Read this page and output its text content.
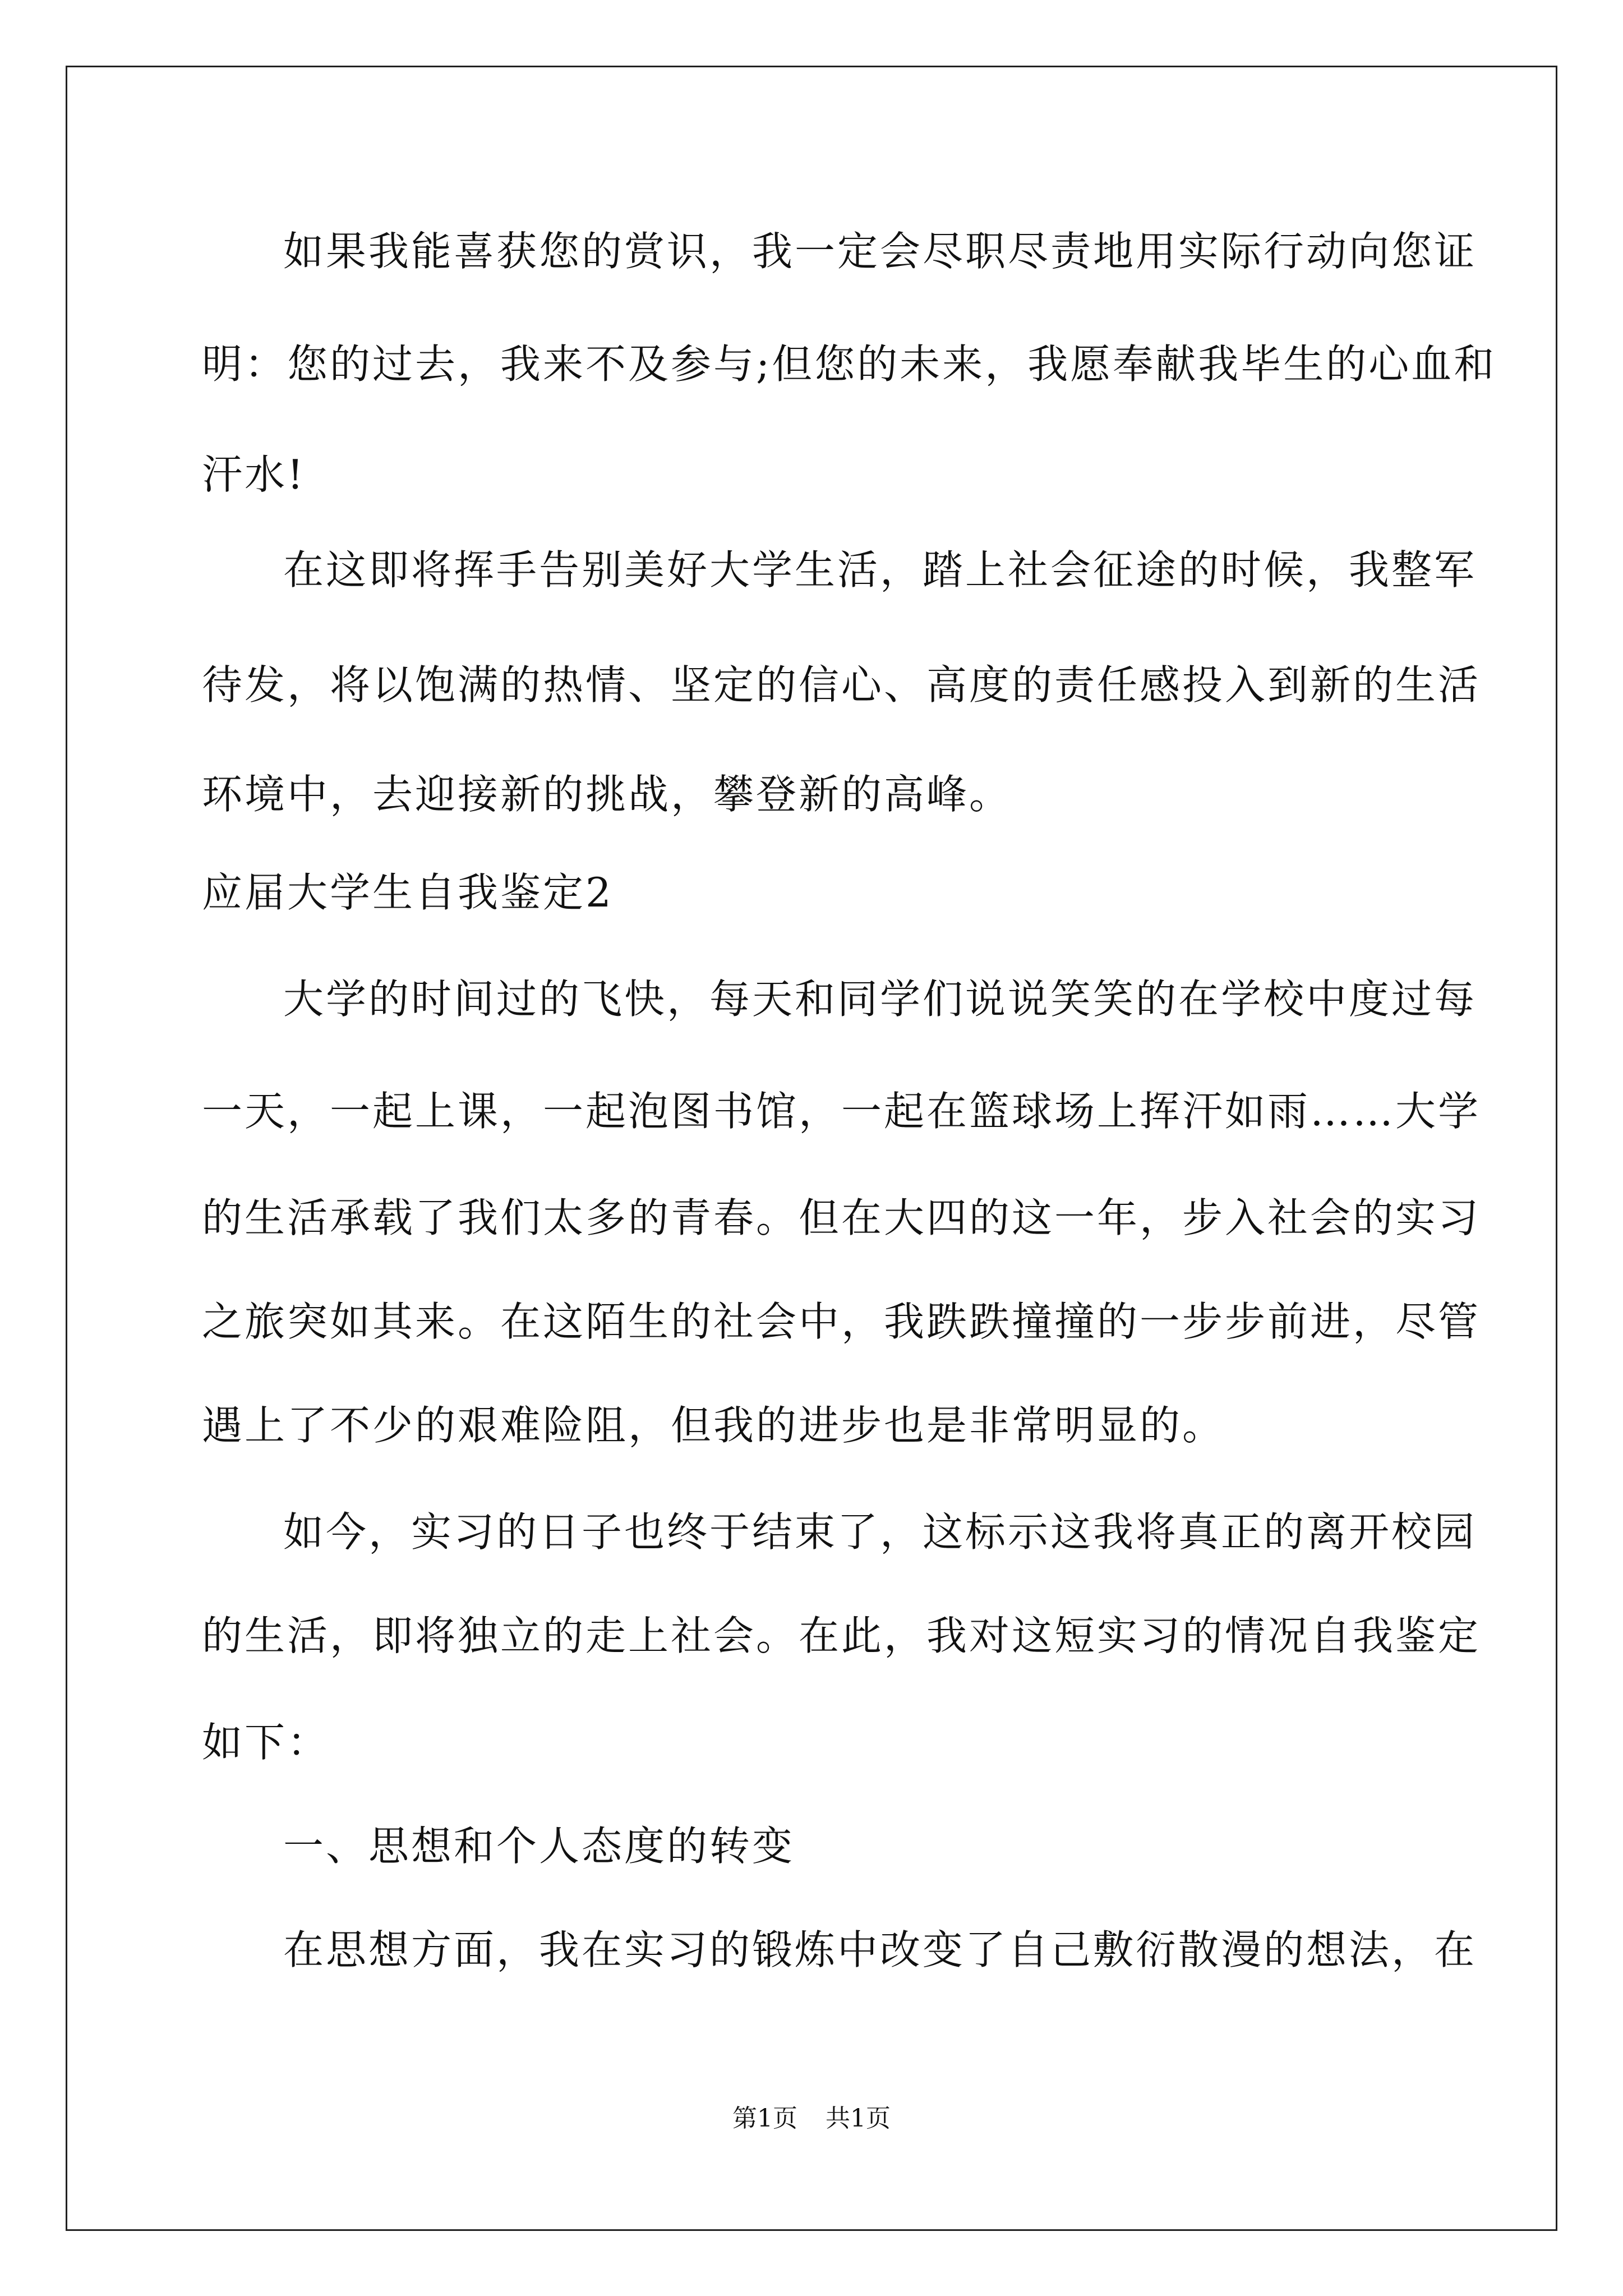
如果我能喜获您的赏识，我一定会尽职尽责地用实际行动向您证
明：您的过去，我来不及参与;但您的未来，我愿奉献我毕生的心血和
汗水!
在这即将挥手告别美好大学生活，踏上社会征途的时候，我整军
待发，将以饱满的热情、坚定的信心、高度的责任感投入到新的生活
环境中，去迎接新的挑战，攀登新的高峰。
应届大学生自我鉴定2
大学的时间过的飞快，每天和同学们说说笑笑的在学校中度过每
一天，一起上课，一起泡图书馆，一起在篮球场上挥汗如雨……大学
的生活承载了我们太多的青春。但在大四的这一年，步入社会的实习
之旅突如其来。在这陌生的社会中，我跌跌撞撞的一步步前进，尽管
遇上了不少的艰难险阻，但我的进步也是非常明显的。
如今，实习的日子也终于结束了，这标示这我将真正的离开校园
的生活，即将独立的走上社会。在此，我对这短实习的情况自我鉴定
如下：
一、思想和个人态度的转变
在思想方面，我在实习的锻炼中改变了自己敷衍散漫的想法，在
第1页 共1页
